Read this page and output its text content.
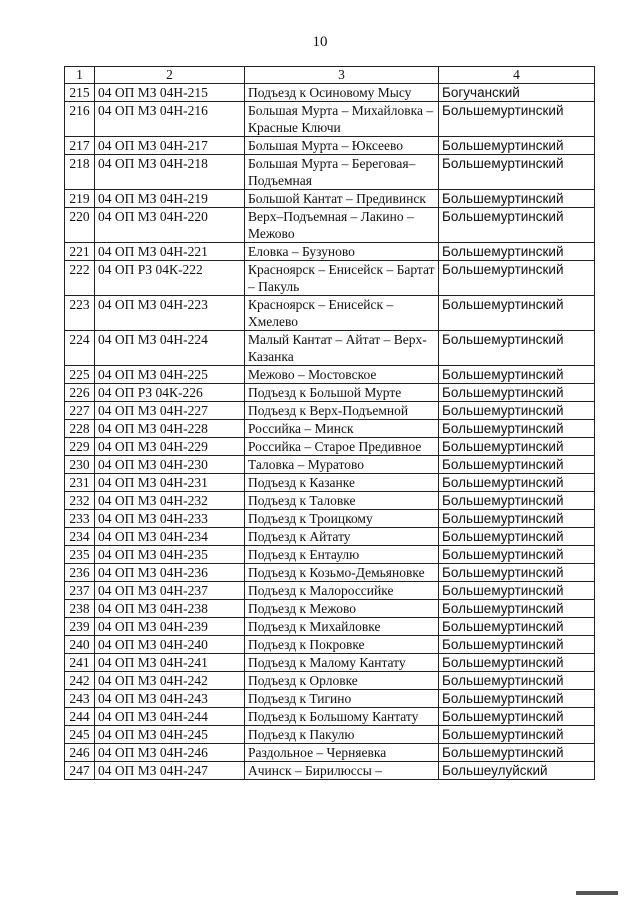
10
1	2	3	4
215	04 ОП МЗ 04Н-215	Подъезд к Осиновому Мысу	Богучанский
216	04 ОП МЗ 04Н-216	Большая Мурта – Михайловка – Красные Ключи	Большемуртинский
217	04 ОП МЗ 04Н-217	Большая Мурта – Юксеево	Большемуртинский
218	04 ОП МЗ 04Н-218	Большая Мурта – Береговая–Подъемная	Большемуртинский
219	04 ОП МЗ 04Н-219	Большой Кантат – Предивинск	Большемуртинский
220	04 ОП МЗ 04Н-220	Верх–Подъемная – Лакино – Межово	Большемуртинский
221	04 ОП МЗ 04Н-221	Еловка – Бузуново	Большемуртинский
222	04 ОП РЗ 04К-222	Красноярск – Енисейск – Бартат – Пакуль	Большемуртинский
223	04 ОП МЗ 04Н-223	Красноярск – Енисейск – Хмелево	Большемуртинский
224	04 ОП МЗ 04Н-224	Малый Кантат – Айтат – Верх-Казанка	Большемуртинский
225	04 ОП МЗ 04Н-225	Межово – Мостовское	Большемуртинский
226	04 ОП РЗ 04К-226	Подъезд к Большой Мурте	Большемуртинский
227	04 ОП МЗ 04Н-227	Подъезд к Верх-Подъемной	Большемуртинский
228	04 ОП МЗ 04Н-228	Российка – Минск	Большемуртинский
229	04 ОП МЗ 04Н-229	Российка – Старое Предивное	Большемуртинский
230	04 ОП МЗ 04Н-230	Таловка – Муратово	Большемуртинский
231	04 ОП МЗ 04Н-231	Подъезд к Казанке	Большемуртинский
232	04 ОП МЗ 04Н-232	Подъезд к Таловке	Большемуртинский
233	04 ОП МЗ 04Н-233	Подъезд к Троицкому	Большемуртинский
234	04 ОП МЗ 04Н-234	Подъезд к Айтату	Большемуртинский
235	04 ОП МЗ 04Н-235	Подъезд к Ентаулю	Большемуртинский
236	04 ОП МЗ 04Н-236	Подъезд к Козьмо-Демьяновке	Большемуртинский
237	04 ОП МЗ 04Н-237	Подъезд к Малороссийке	Большемуртинский
238	04 ОП МЗ 04Н-238	Подъезд к Межово	Большемуртинский
239	04 ОП МЗ 04Н-239	Подъезд к Михайловке	Большемуртинский
240	04 ОП МЗ 04Н-240	Подъезд к Покровке	Большемуртинский
241	04 ОП МЗ 04Н-241	Подъезд к Малому Кантату	Большемуртинский
242	04 ОП МЗ 04Н-242	Подъезд к Орловке	Большемуртинский
243	04 ОП МЗ 04Н-243	Подъезд к Тигино	Большемуртинский
244	04 ОП МЗ 04Н-244	Подъезд к Большому Кантату	Большемуртинский
245	04 ОП МЗ 04Н-245	Подъезд к Пакулю	Большемуртинский
246	04 ОП МЗ 04Н-246	Раздольное – Черняевка	Большемуртинский
247	04 ОП МЗ 04Н-247	Ачинск – Бирилюссы –	Большеулуйский
